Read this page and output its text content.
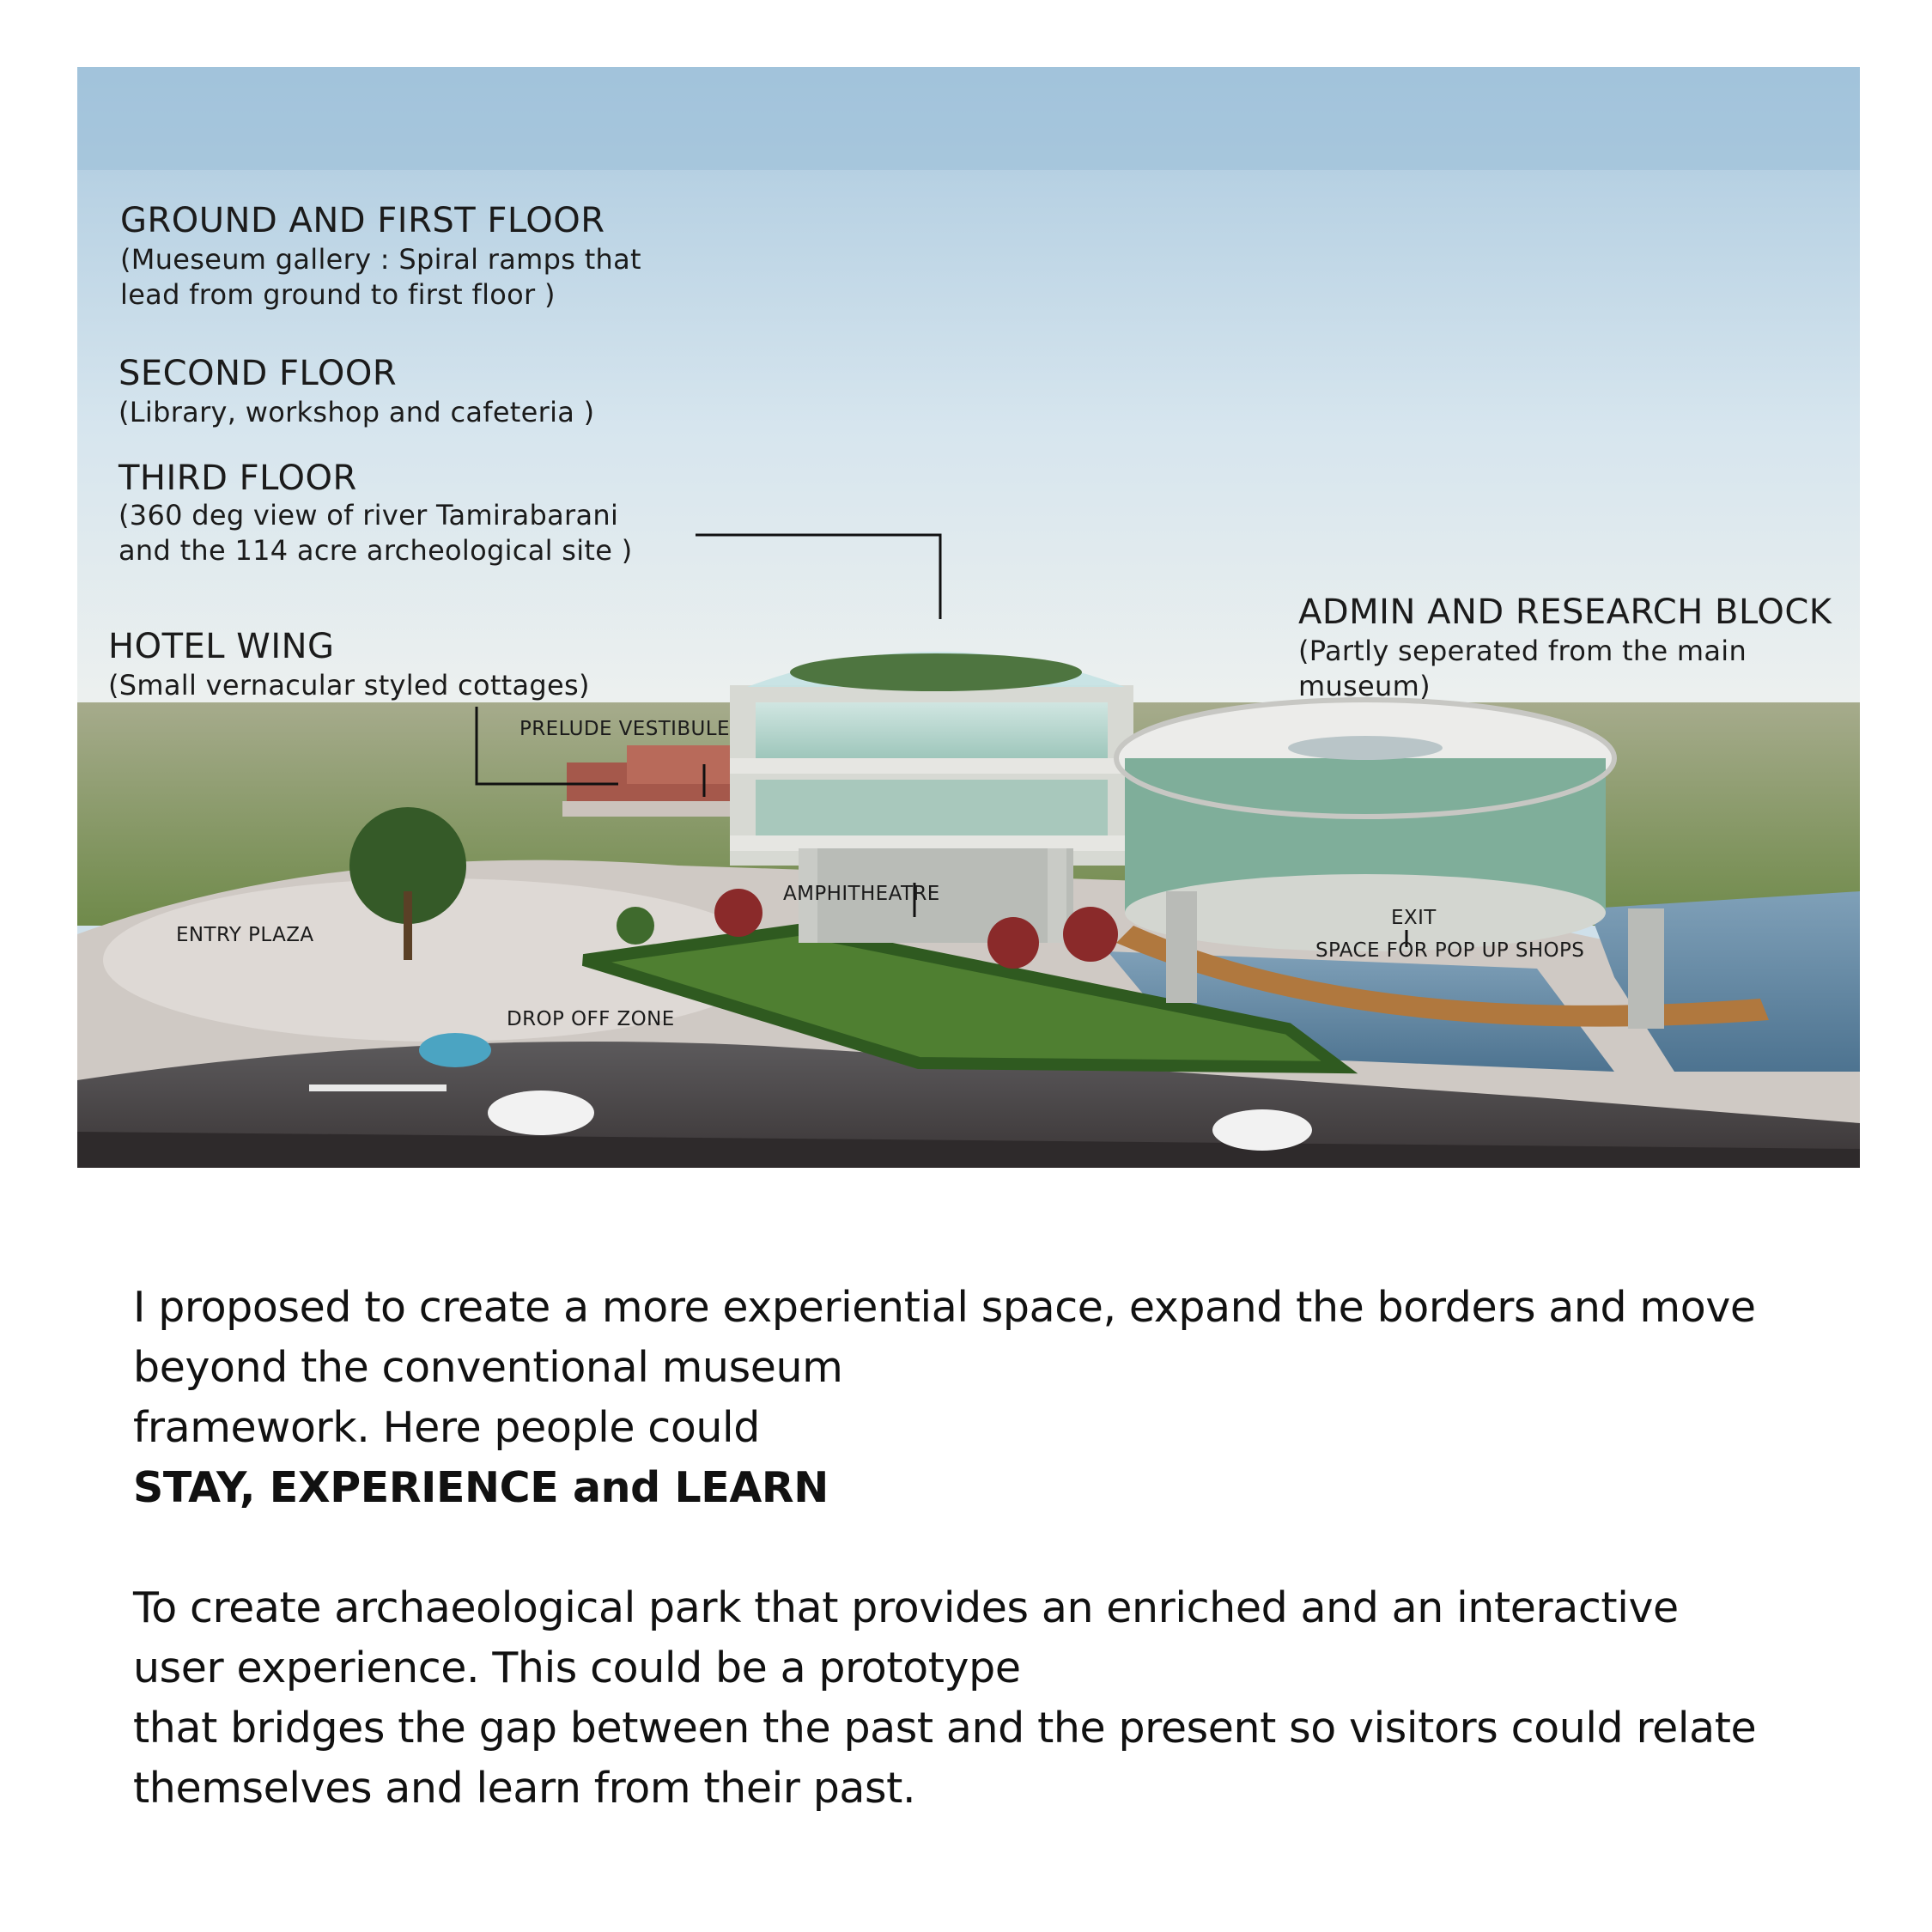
GROUND AND FIRST FLOOR
(Mueseum gallery : Spiral ramps that
lead from ground to first floor )
SECOND FLOOR
(Library, workshop and cafeteria )
THIRD FLOOR
(360 deg view of river Tamirabarani
and the 114 acre archeological site )
HOTEL WING
(Small vernacular styled cottages)
ADMIN AND RESEARCH BLOCK
(Partly seperated from the main
museum)
PRELUDE VESTIBULE
AMPHITHEATRE
ENTRY PLAZA
DROP OFF ZONE
EXIT
SPACE FOR POP UP SHOPS

I proposed to create a more experiential space, expand the borders and move

beyond the conventional museum

framework. Here people could

STAY, EXPERIENCE and LEARN

To create archaeological park that provides an enriched and an interactive

user experience. This could be a prototype

that bridges the gap between the past and the present so visitors could relate

themselves and learn from their past.
